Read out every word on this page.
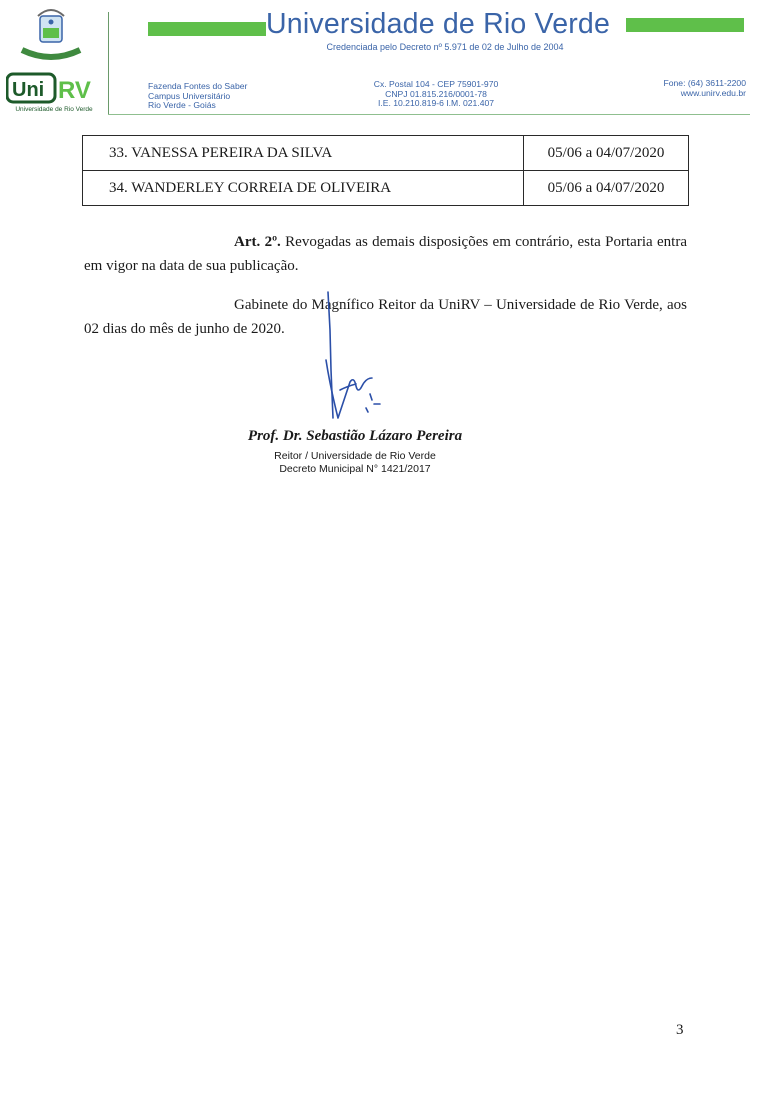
Uni RV
Universidade de Rio Verde
Universidade de Rio Verde
Credenciada pelo Decreto nº 5.971 de 02 de Julho de 2004
Fazenda Fontes do Saber
Campus Universitário
Rio Verde - Goiás
Cx. Postal 104 - CEP 75901-970
CNPJ 01.815.216/0001-78
I.E. 10.210.819-6 I.M. 021.407
Fone: (64) 3611-2200
www.unirv.edu.br
33. VANESSA PEREIRA DA SILVA	05/06 a 04/07/2020
34. WANDERLEY CORREIA DE OLIVEIRA	05/06 a 04/07/2020
Art. 2º. Revogadas as demais disposições em contrário, esta Portaria entra em vigor na data de sua publicação.
Gabinete do Magnífico Reitor da UniRV – Universidade de Rio Verde, aos 02 dias do mês de junho de 2020.
Prof. Dr. Sebastião Lázaro Pereira
Reitor / Universidade de Rio Verde
Decreto Municipal N° 1421/2017
3
